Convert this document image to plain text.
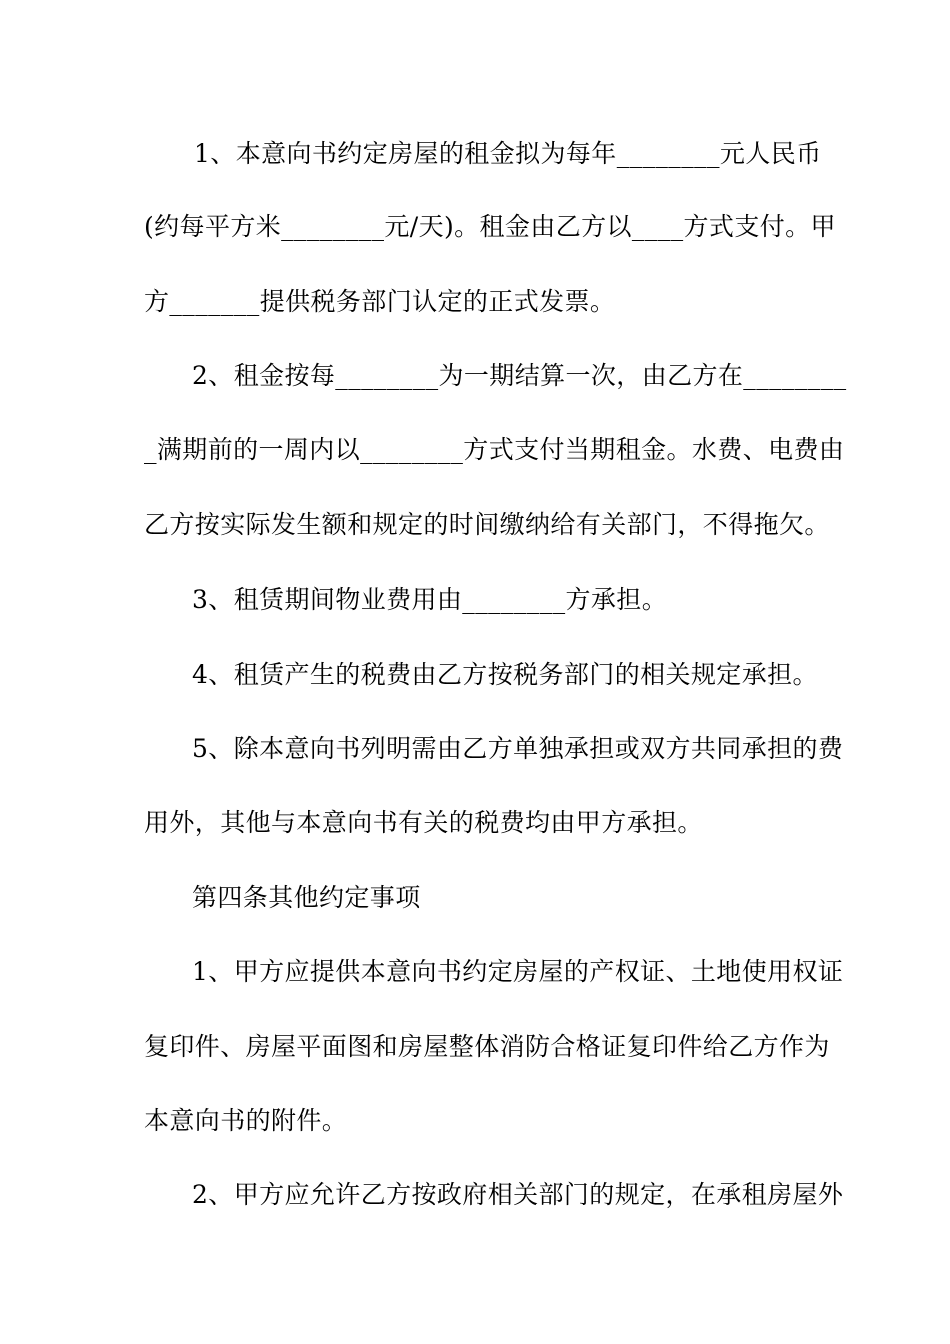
1、本意向书约定房屋的租金拟为每年________元人民币
(约每平方米________元/天)。租金由乙方以____方式支付。甲
方_______提供税务部门认定的正式发票。
2、租金按每________为一期结算一次，由乙方在________
_满期前的一周内以________方式支付当期租金。水费、电费由
乙方按实际发生额和规定的时间缴纳给有关部门，不得拖欠。
3、租赁期间物业费用由________方承担。
4、租赁产生的税费由乙方按税务部门的相关规定承担。
5、除本意向书列明需由乙方单独承担或双方共同承担的费
用外，其他与本意向书有关的税费均由甲方承担。
第四条其他约定事项
1、甲方应提供本意向书约定房屋的产权证、土地使用权证
复印件、房屋平面图和房屋整体消防合格证复印件给乙方作为
本意向书的附件。
2、甲方应允许乙方按政府相关部门的规定，在承租房屋外
